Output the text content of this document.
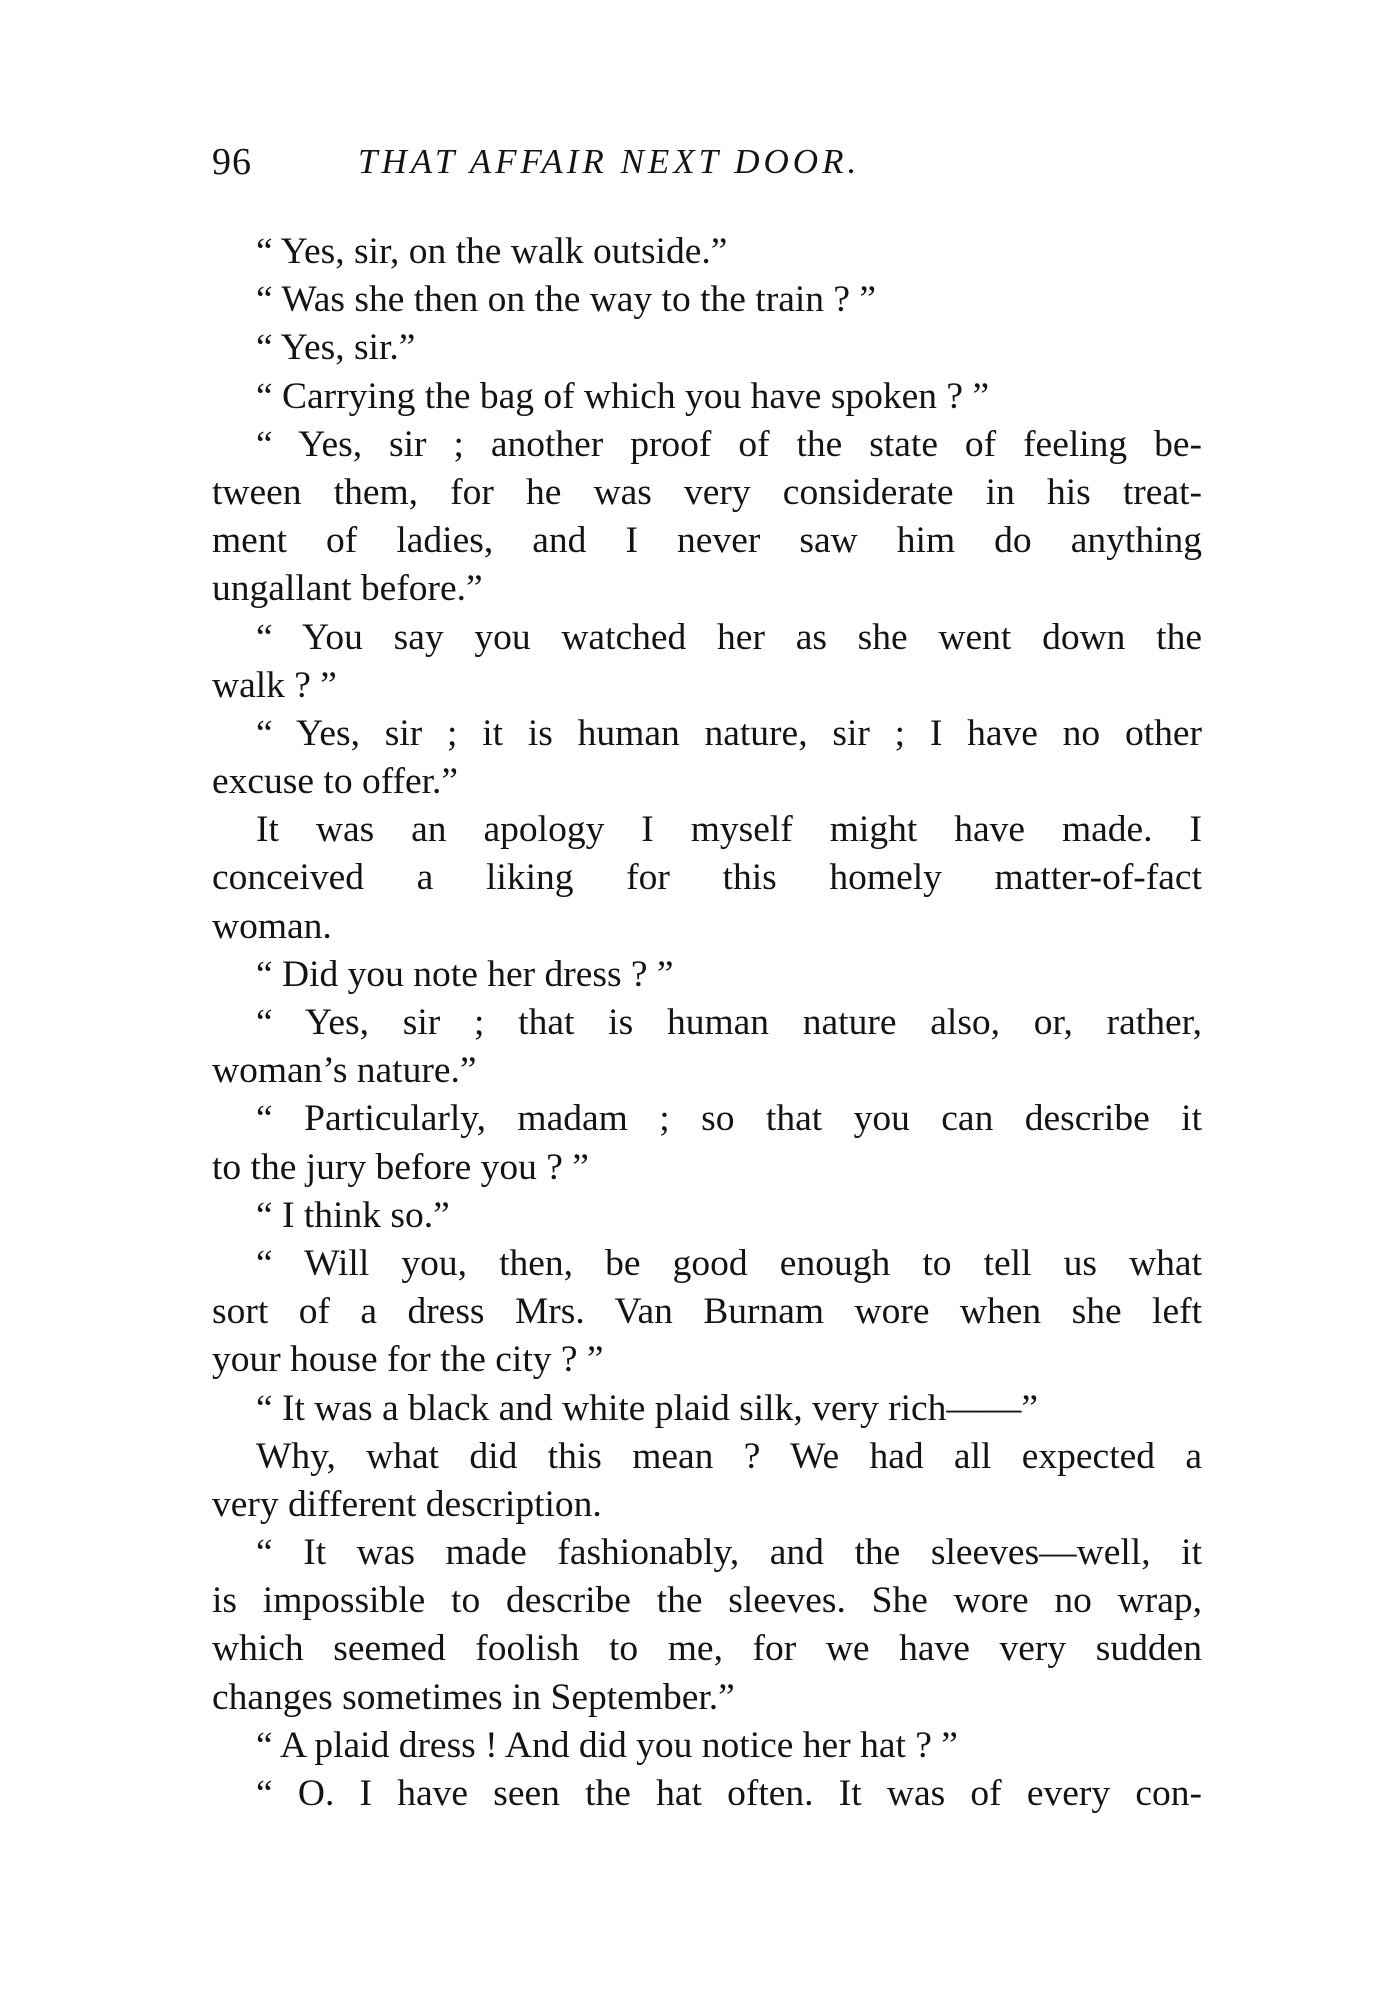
96	THAT AFFAIR NEXT DOOR.
“ Yes, sir, on the walk outside.”
“ Was she then on the way to the train ? ”
“ Yes, sir.”
“ Carrying the bag of which you have spoken ? ”
“ Yes, sir ; another proof of the state of feeling be-
tween them, for he was very considerate in his treat-
ment of ladies, and I never saw him do anything
ungallant before.”
“ You say you watched her as she went down the
walk ? ”
“ Yes, sir ; it is human nature, sir ; I have no other
excuse to offer.”
It was an apology I myself might have made. I
conceived a liking for this homely matter-of-fact
woman.
“ Did you note her dress ? ”
“ Yes, sir ; that is human nature also, or, rather,
woman’s nature.”
“ Particularly, madam ; so that you can describe it
to the jury before you ? ”
“ I think so.”
“ Will you, then, be good enough to tell us what
sort of a dress Mrs. Van Burnam wore when she left
your house for the city ? ”
“ It was a black and white plaid silk, very rich——”
Why, what did this mean ? We had all expected a
very different description.
“ It was made fashionably, and the sleeves—well, it
is impossible to describe the sleeves. She wore no wrap,
which seemed foolish to me, for we have very sudden
changes sometimes in September.”
“ A plaid dress ! And did you notice her hat ? ”
“ O. I have seen the hat often. It was of every con-
